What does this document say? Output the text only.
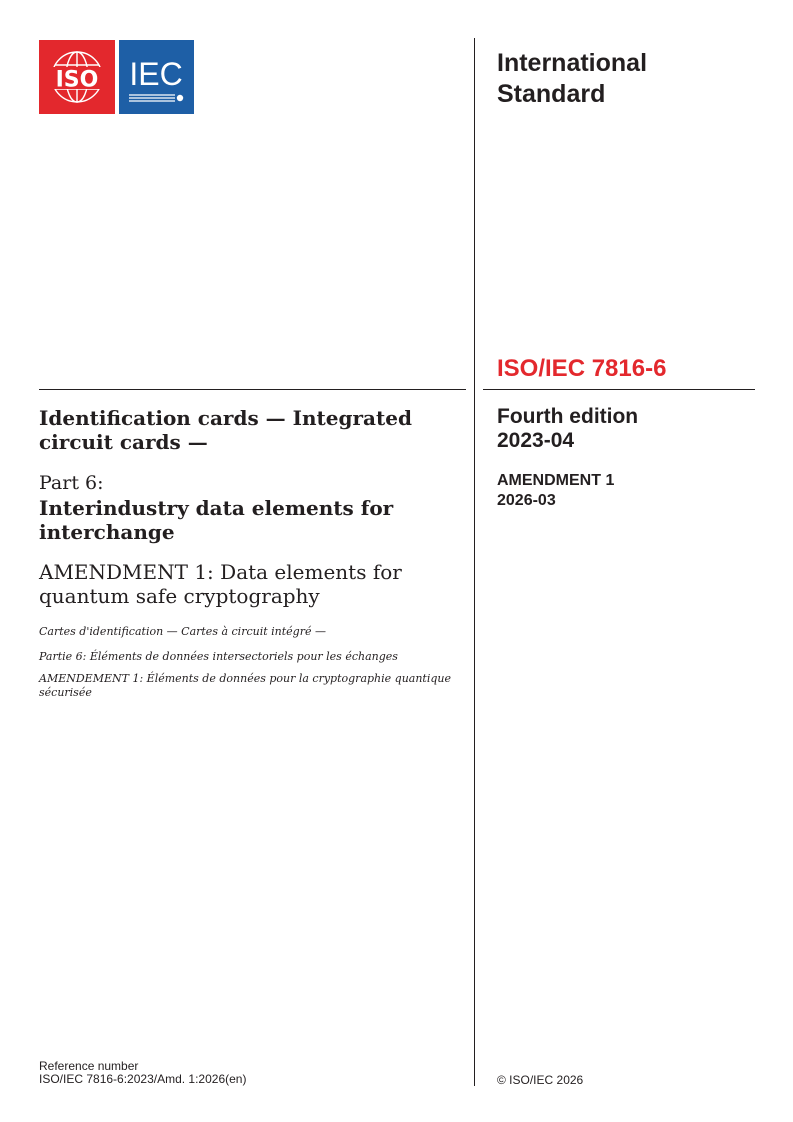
ISO IEC	International Standard
ISO/IEC 7816-6
Fourth edition
2023-04
AMENDMENT 1
2026-03
© ISO/IEC 2026
Identification cards — Integrated circuit cards —
Part 6:
Interindustry data elements for interchange
AMENDMENT 1: Data elements for quantum safe cryptography
Cartes d'identification — Cartes à circuit intégré —
Partie 6: Éléments de données intersectoriels pour les échanges
AMENDEMENT 1: Éléments de données pour la cryptographie quantique sécurisée
Reference number
ISO/IEC 7816-6:2023/Amd. 1:2026(en)
